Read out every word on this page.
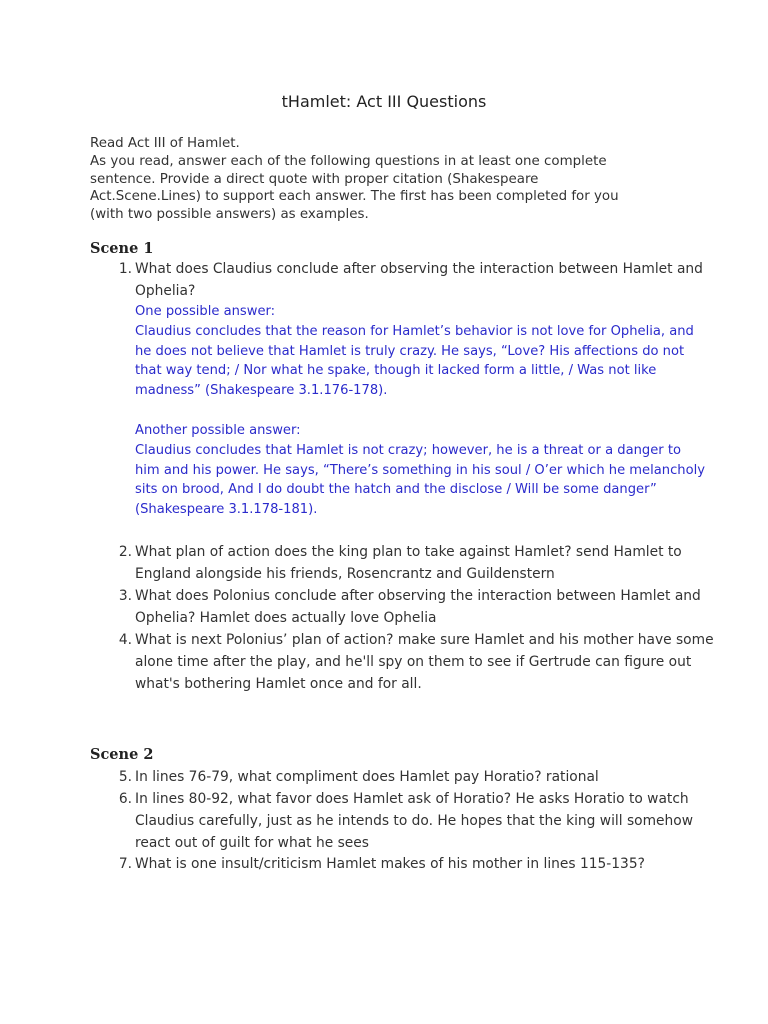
tHamlet: Act III Questions

Read Act III of Hamlet.

As you read, answer each of the following questions in at least one complete sentence. Provide a direct quote with proper citation (Shakespeare Act.Scene.Lines) to support each answer. The first has been completed for you (with two possible answers) as examples.

Scene 1
1. What does Claudius conclude after observing the interaction between Hamlet and Ophelia?

One possible answer:

Claudius concludes that the reason for Hamlet’s behavior is not love for Ophelia, and he does not believe that Hamlet is truly crazy. He says, “Love? His affections do not that way tend; / Nor what he spake, though it lacked form a little, / Was not like madness” (Shakespeare 3.1.176-178).

Another possible answer:

Claudius concludes that Hamlet is not crazy; however, he is a threat or a danger to him and his power. He says, “There’s something in his soul / O’er which he melancholy sits on brood, And I do doubt the hatch and the disclose / Will be some danger” (Shakespeare 3.1.178-181).

2. What plan of action does the king plan to take against Hamlet? send Hamlet to England alongside his friends, Rosencrantz and Guildenstern
3. What does Polonius conclude after observing the interaction between Hamlet and Ophelia? Hamlet does actually love Ophelia
4. What is next Polonius’ plan of action? make sure Hamlet and his mother have some alone time after the play, and he'll spy on them to see if Gertrude can figure out what's bothering Hamlet once and for all.
Scene 2
5. In lines 76-79, what compliment does Hamlet pay Horatio? rational
6. In lines 80-92, what favor does Hamlet ask of Horatio? He asks Horatio to watch Claudius carefully, just as he intends to do. He hopes that the king will somehow react out of guilt for what he sees
7. What is one insult/criticism Hamlet makes of his mother in lines 115-135?
